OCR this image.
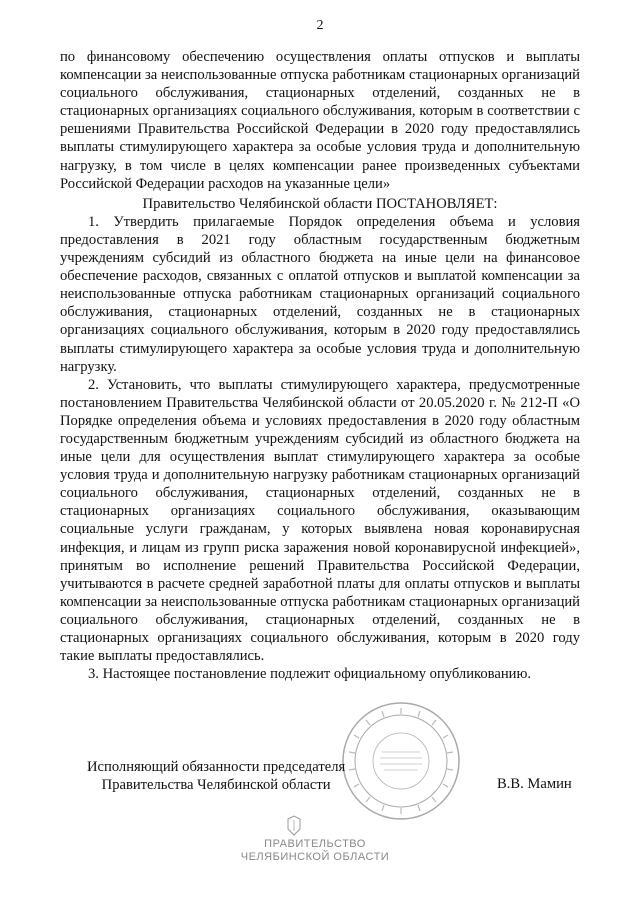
2

по финансовому обеспечению осуществления оплаты отпусков и выплаты компенсации за неиспользованные отпуска работникам стационарных организаций социального обслуживания, стационарных отделений, созданных не в стационарных организациях социального обслуживания, которым в соответствии с решениями Правительства Российской Федерации в 2020 году предоставлялись выплаты стимулирующего характера за особые условия труда и дополнительную нагрузку, в том числе в целях компенсации ранее произведенных субъектами Российской Федерации расходов на указанные цели»

Правительство Челябинской области ПОСТАНОВЛЯЕТ:

1. Утвердить прилагаемые Порядок определения объема и условия предоставления в 2021 году областным государственным бюджетным учреждениям субсидий из областного бюджета на иные цели на финансовое обеспечение расходов, связанных с оплатой отпусков и выплатой компенсации за неиспользованные отпуска работникам стационарных организаций социального обслуживания, стационарных отделений, созданных не в стационарных организациях социального обслуживания, которым в 2020 году предоставлялись выплаты стимулирующего характера за особые условия труда и дополнительную нагрузку.

2. Установить, что выплаты стимулирующего характера, предусмотренные постановлением Правительства Челябинской области от 20.05.2020 г. № 212-П «О Порядке определения объема и условиях предоставления в 2020 году областным государственным бюджетным учреждениям субсидий из областного бюджета на иные цели для осуществления выплат стимулирующего характера за особые условия труда и дополнительную нагрузку работникам стационарных организаций социального обслуживания, стационарных отделений, созданных не в стационарных организациях социального обслуживания, оказывающим социальные услуги гражданам, у которых выявлена новая коронавирусная инфекция, и лицам из групп риска заражения новой коронавирусной инфекцией», принятым во исполнение решений Правительства Российской Федерации, учитываются в расчете средней заработной платы для оплаты отпусков и выплаты компенсации за неиспользованные отпуска работникам стационарных организаций социального обслуживания, стационарных отделений, созданных не в стационарных организациях социального обслуживания, которым в 2020 году такие выплаты предоставлялись.

3. Настоящее постановление подлежит официальному опубликованию.

Исполняющий обязанности председателя
Правительства Челябинской области	В.В. Мамин
ПРАВИТЕЛЬСТВО
ЧЕЛЯБИНСКОЙ ОБЛАСТИ
